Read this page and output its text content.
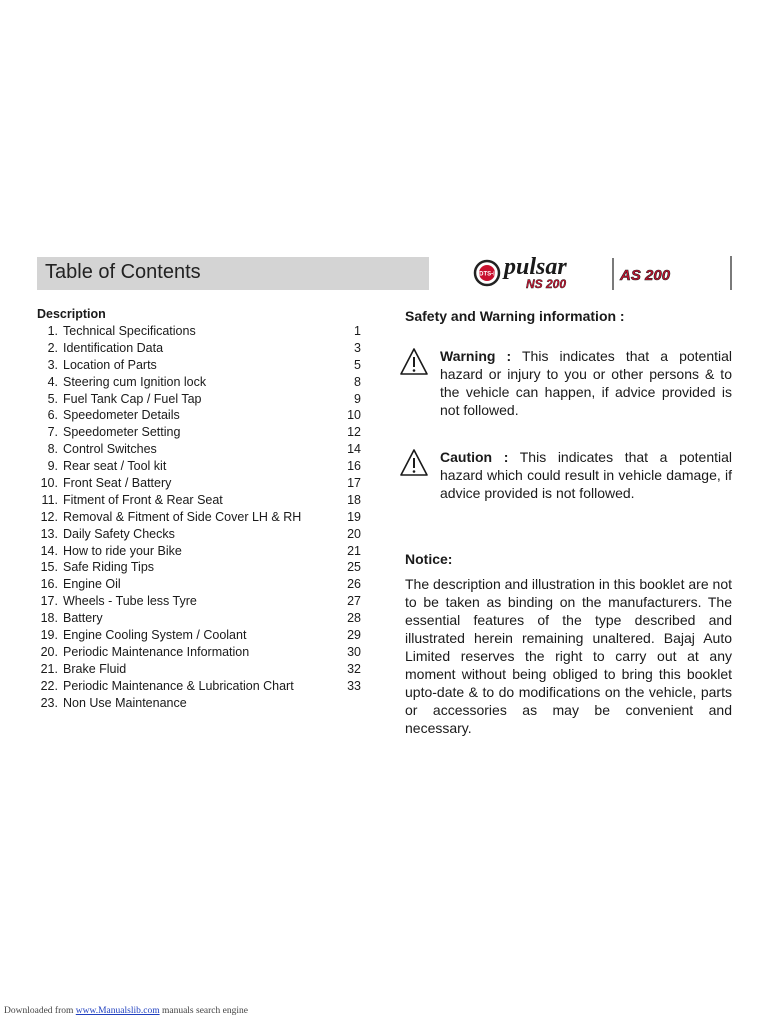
Table of Contents	DTS-i pulsar
NS 200	AS 200
Description
1. Technical Specifications	1
2. Identification Data	3
3. Location of Parts	5
4. Steering cum Ignition lock	8
5. Fuel Tank Cap / Fuel Tap	9
6. Speedometer Details	10
7. Speedometer Setting	12
8. Control Switches	14
9. Rear seat / Tool kit	16
10. Front Seat / Battery	17
11. Fitment of Front & Rear Seat	18
12. Removal & Fitment of Side Cover LH & RH	19
13. Daily Safety Checks	20
14. How to ride your Bike	21
15. Safe Riding Tips	25
16. Engine Oil	26
17. Wheels - Tube less Tyre	27
18. Battery	28
19. Engine Cooling System / Coolant	29
20. Periodic Maintenance Information	30
21. Brake Fluid	32
22. Periodic Maintenance & Lubrication Chart	33
23. Non Use Maintenance

Safety and Warning information :

Warning : This indicates that a potential hazard or injury to you or other persons & to the vehicle can happen, if advice provided is not followed.
Caution : This indicates that a potential hazard which could result in vehicle damage, if advice provided is not followed.
Notice:
The description and illustration in this booklet are not to be taken as binding on the manufacturers. The essential features of the type described and illustrated herein remaining unaltered. Bajaj Auto Limited reserves the right to carry out at any moment without being obliged to bring this booklet upto-date & to do modifications on the vehicle, parts or accessories as may be convenient and necessary.
Downloaded from www.Manualslib.com manuals search engine
